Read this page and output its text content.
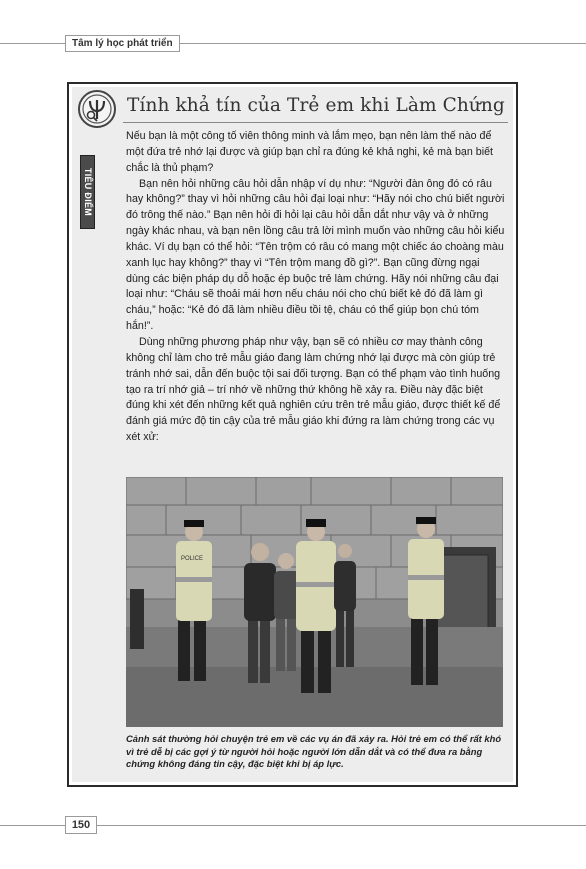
Tâm lý học phát triển
Tính khả tín của Trẻ em khi Làm Chứng
TIÊU ĐIỂM

Nếu bạn là một công tố viên thông minh và lắm mẹo, bạn nên làm thế nào để một đứa trẻ nhớ lại được và giúp bạn chỉ ra đúng kẻ khả nghi, kẻ mà bạn biết chắc là thủ phạm?

Bạn nên hỏi những câu hỏi dẫn nhập ví dụ như: “Người đàn ông đó có râu hay không?” thay vì hỏi những câu hỏi đại loại như: “Hãy nói cho chú biết người đó trông thế nào.” Bạn nên hỏi đi hỏi lại câu hỏi dẫn dắt như vậy và ở những ngày khác nhau, và bạn nên lồng câu trả lời mình muốn vào những câu hỏi kiểu khác. Ví dụ bạn có thể hỏi: “Tên trộm có râu có mang một chiếc áo choàng màu xanh lục hay không?” thay vì “Tên trộm mang đồ gì?”. Bạn cũng đừng ngại dùng các biện pháp dụ dỗ hoặc ép buộc trẻ làm chứng. Hãy nói những câu đại loại như: “Cháu sẽ thoải mái hơn nếu cháu nói cho chú biết kẻ đó đã làm gì cháu,” hoặc: “Kẻ đó đã làm nhiều điều tồi tệ, cháu có thể giúp bọn chú tóm hắn!”.

Dùng những phương pháp như vậy, bạn sẽ có nhiều cơ may thành công không chỉ làm cho trẻ mẫu giáo đang làm chứng nhớ lại được mà còn giúp trẻ tránh nhớ sai, dẫn đến buộc tội sai đối tượng. Bạn có thể phạm vào tình huống tạo ra trí nhớ giả – trí nhớ về những thứ không hề xảy ra. Điều này đặc biệt đúng khi xét đến những kết quả nghiên cứu trên trẻ mẫu giáo, được thiết kế để đánh giá mức độ tin cậy của trẻ mẫu giáo khi đứng ra làm chứng trong các vụ xét xử:

POLICE
Cảnh sát thường hỏi chuyện trẻ em về các vụ án đã xảy ra. Hỏi trẻ em có thể rất khó vì trẻ dễ bị các gợi ý từ người hỏi hoặc người lớn dẫn dắt và có thể đưa ra bằng chứng không đáng tin cậy, đặc biệt khi bị áp lực.
150
